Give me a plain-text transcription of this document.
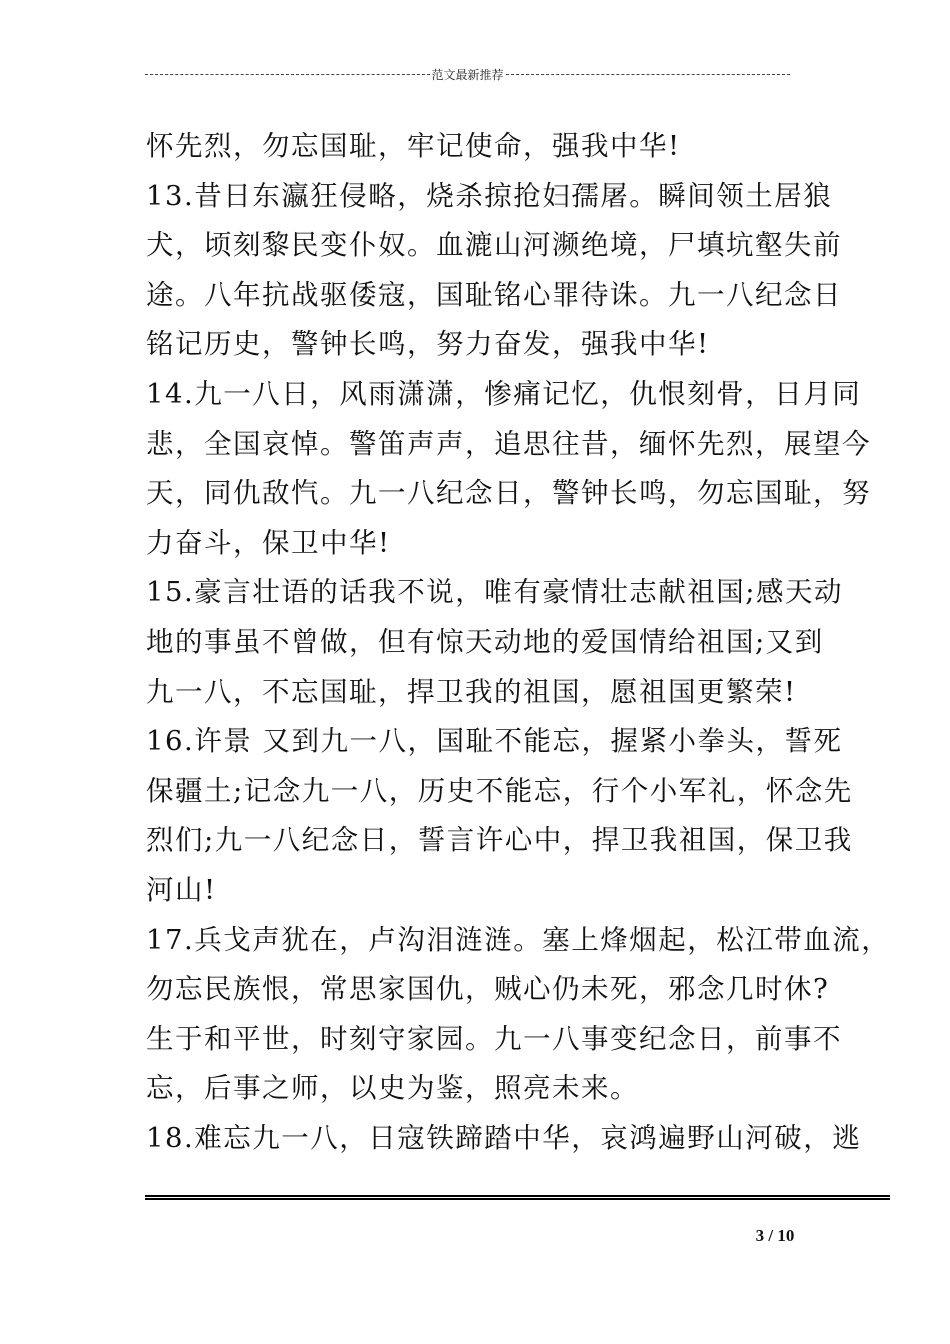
范文最新推荐
怀先烈，勿忘国耻，牢记使命，强我中华!
13.昔日东瀛狂侵略，烧杀掠抢妇孺屠。瞬间领土居狼
犬，顷刻黎民变仆奴。血漉山河濒绝境，尸填坑壑失前
途。八年抗战驱倭寇，国耻铭心罪待诛。九一八纪念日
铭记历史，警钟长鸣，努力奋发，强我中华!
14.九一八日，风雨潇潇，惨痛记忆，仇恨刻骨，日月同
悲，全国哀悼。警笛声声，追思往昔，缅怀先烈，展望今
天，同仇敌忾。九一八纪念日，警钟长鸣，勿忘国耻，努
力奋斗，保卫中华!
15.豪言壮语的话我不说，唯有豪情壮志献祖国;感天动
地的事虽不曾做，但有惊天动地的爱国情给祖国;又到
九一八，不忘国耻，捍卫我的祖国，愿祖国更繁荣!
16.许景 又到九一八，国耻不能忘，握紧小拳头，誓死
保疆土;记念九一八，历史不能忘，行个小军礼，怀念先
烈们;九一八纪念日，誓言许心中，捍卫我祖国，保卫我
河山!
17.兵戈声犹在，卢沟泪涟涟。塞上烽烟起，松江带血流，
勿忘民族恨，常思家国仇，贼心仍未死，邪念几时休?
生于和平世，时刻守家园。九一八事变纪念日，前事不
忘，后事之师，以史为鉴，照亮未来。
18.难忘九一八，日寇铁蹄踏中华，哀鸿遍野山河破，逃
3 / 10
